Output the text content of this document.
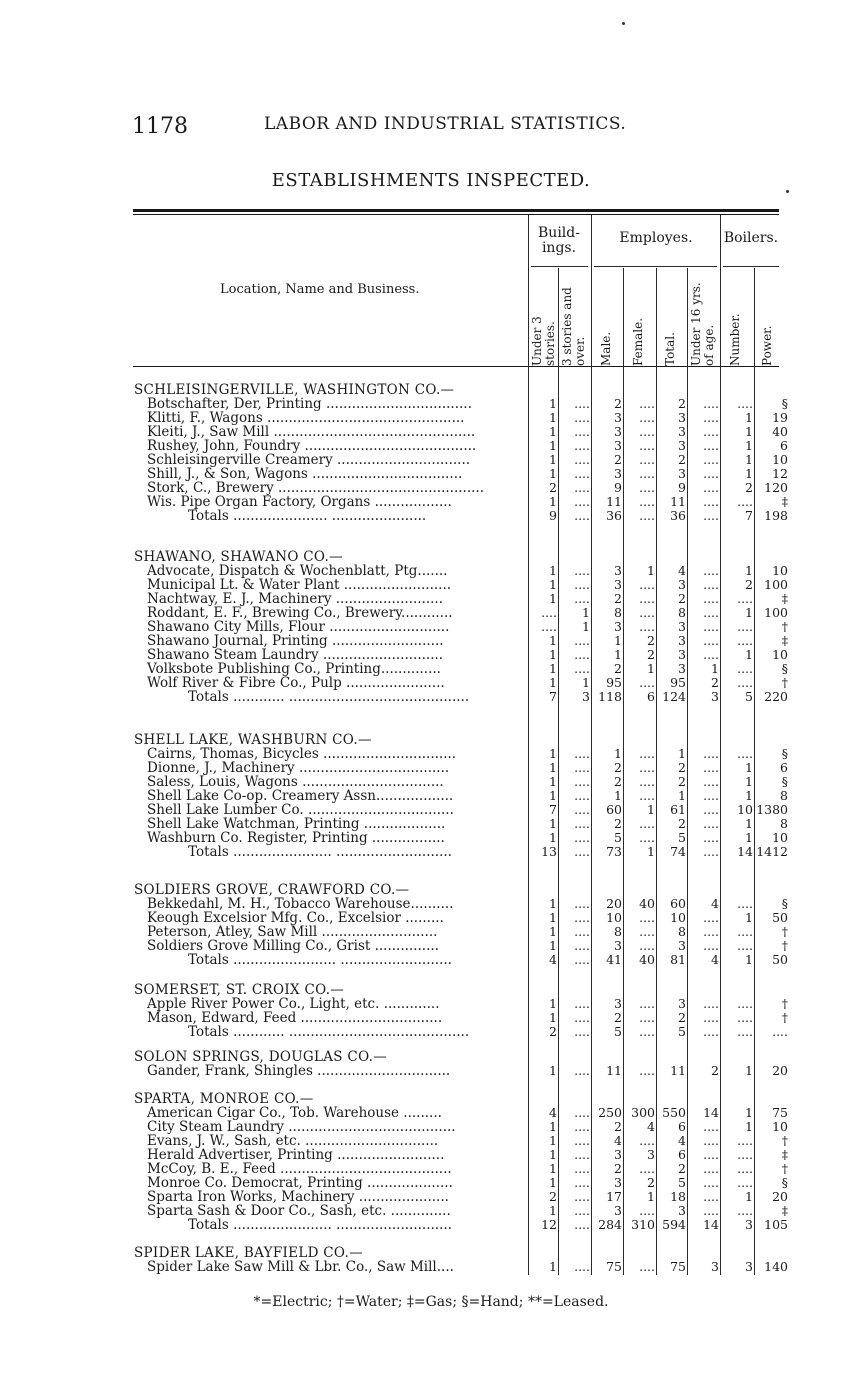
1178	LABOR AND INDUSTRIAL STATISTICS.
ESTABLISHMENTS INSPECTED.
Location, Name and Business.
Build- ings.
Employes.	Boilers.
Under 3 stories. 3 stories and over. Male. Female. Total. Under 16 yrs. of age. Number. Power.
SCHLEISINGERVILLE, WASHINGTON CO.—
Botschafter, Der, Printing ..................................	1 .... 2 .... 2 .... .... §
Klitti, F., Wagons ..............................................	1 .... 3 .... 3 .... 1 19
Kleiti, J., Saw Mill ...............................................	1 .... 3 .... 3 .... 1 40
Rushey, John, Foundry ........................................	1 .... 3 .... 3 .... 1 6
Schleisingerville Creamery ...............................	1 .... 2 .... 2 .... 1 10
Shill, J., & Son, Wagons ...................................	1 .... 3 .... 3 .... 1 12
Stork, C., Brewery ................................................	2 .... 9 .... 9 .... 2 120
Wis. Pipe Organ Factory, Organs ..................	1 .... 11 .... 11 .... .... ‡
Totals ...................... ......................	9 .... 36 .... 36 .... 7 198
SHAWANO, SHAWANO CO.—
Advocate, Dispatch & Wochenblatt, Ptg.......	1 .... 3 1 4 .... 1 10
Municipal Lt. & Water Plant .........................	1 .... 3 .... 3 .... 2 100
Nachtway, E. J., Machinery .........................	1 .... 2 .... 2 .... .... ‡
Roddant, E. F., Brewing Co., Brewery............	.... 1 8 .... 8 .... 1 100
Shawano City Mills, Flour ............................	.... 1 3 .... 3 .... .... †
Shawano Journal, Printing ..........................	1 .... 1 2 3 .... .... ‡
Shawano Steam Laundry ............................	1 .... 1 2 3 .... 1 10
Volksbote Publishing Co., Printing..............	1 .... 2 1 3 1 .... §
Wolf River & Fibre Co., Pulp .......................	1 1 95 .... 95 2 .... †
Totals ............ ..........................................	7 3 118 6 124 3 5 220
SHELL LAKE, WASHBURN CO.—
Cairns, Thomas, Bicycles ...............................	1 .... 1 .... 1 .... .... §
Dionne, J., Machinery ...................................	1 .... 2 .... 2 .... 1 6
Saless, Louis, Wagons .................................	1 .... 2 .... 2 .... 1 §
Shell Lake Co-op. Creamery Assn..................	1 .... 1 .... 1 .... 1 8
Shell Lake Lumber Co. ..................................	7 .... 60 1 61 .... 10 1380
Shell Lake Watchman, Printing ...................	1 .... 2 .... 2 .... 1 8
Washburn Co. Register, Printing .................	1 .... 5 .... 5 .... 1 10
Totals ....................... ...........................	13 .... 73 1 74 .... 14 1412
SOLDIERS GROVE, CRAWFORD CO.—
Bekkedahl, M. H., Tobacco Warehouse..........	1 .... 20 40 60 4 .... §
Keough Excelsior Mfg. Co., Excelsior .........	1 .... 10 .... 10 .... 1 50
Peterson, Atley, Saw Mill ...........................	1 .... 8 .... 8 .... .... †
Soldiers Grove Milling Co., Grist ...............	1 .... 3 .... 3 .... .... †
Totals ........................ ..........................	4 .... 41 40 81 4 1 50
SOMERSET, ST. CROIX CO.—
Apple River Power Co., Light, etc. .............	1 .... 3 .... 3 .... .... †
Mason, Edward, Feed .................................	1 .... 2 .... 2 .... .... †
Totals ............ ..........................................	2 .... 5 .... 5 .... .... ....
SOLON SPRINGS, DOUGLAS CO.—
Gander, Frank, Shingles ...............................	1 .... 11 .... 11 2 1 20
SPARTA, MONROE CO.—
American Cigar Co., Tob. Warehouse .........	4 .... 250 300 550 14 1 75
City Steam Laundry .......................................	1 .... 2 4 6 .... 1 10
Evans, J. W., Sash, etc. ...............................	1 .... 4 .... 4 .... .... †
Herald Advertiser, Printing .........................	1 .... 3 3 6 .... .... ‡
McCoy, B. E., Feed ........................................	1 .... 2 .... 2 .... .... †
Monroe Co. Democrat, Printing ....................	1 .... 3 2 5 .... .... §
Sparta Iron Works, Machinery .....................	2 .... 17 1 18 .... 1 20
Sparta Sash & Door Co., Sash, etc. ..............	1 .... 3 .... 3 .... .... ‡
Totals ....................... ...........................	12 .... 284 310 594 14 3 105
SPIDER LAKE, BAYFIELD CO.—
Spider Lake Saw Mill & Lbr. Co., Saw Mill....	1 .... 75 .... 75 3 3 140
*=Electric; †=Water; ‡=Gas; §=Hand; **=Leased.
